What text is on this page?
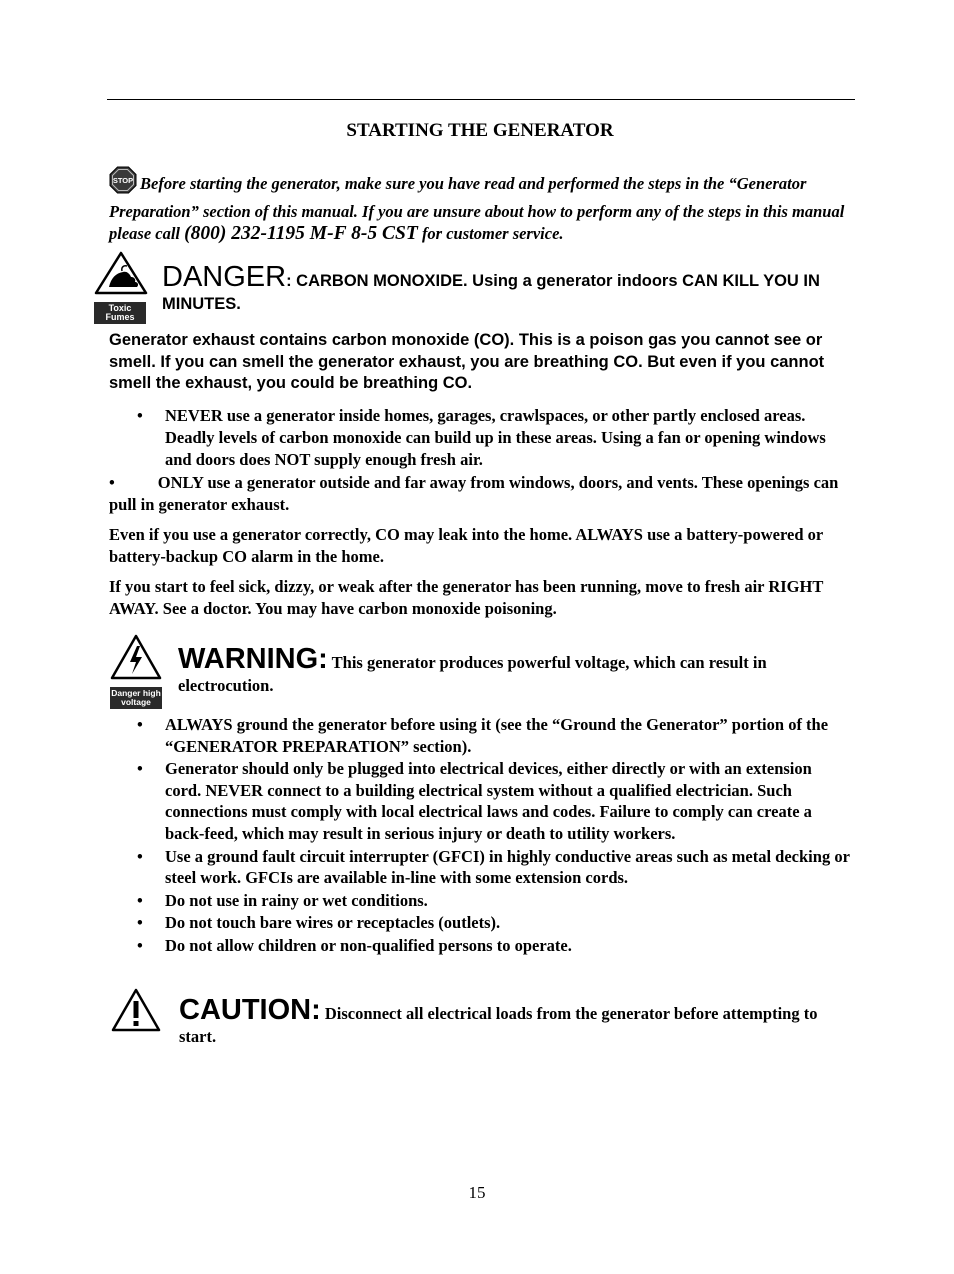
STARTING THE GENERATOR
STOP Before starting the generator, make sure you have read and performed the steps in the “Generator Preparation” section of this manual. If you are unsure about how to perform any of the steps in this manual please call (800) 232-1195 M-F 8-5 CST for customer service.
Toxic Fumes
DANGER: CARBON MONOXIDE. Using a generator indoors CAN KILL YOU IN MINUTES.
Generator exhaust contains carbon monoxide (CO). This is a poison gas you cannot see or smell. If you can smell the generator exhaust, you are breathing CO. But even if you cannot smell the exhaust, you could be breathing CO.
• NEVER use a generator inside homes, garages, crawlspaces, or other partly enclosed areas. Deadly levels of carbon monoxide can build up in these areas. Using a fan or opening windows and doors does NOT supply enough fresh air.
•	ONLY use a generator outside and far away from windows, doors, and vents. These openings can pull in generator exhaust.
Even if you use a generator correctly, CO may leak into the home. ALWAYS use a battery-powered or battery-backup CO alarm in the home.
If you start to feel sick, dizzy, or weak after the generator has been running, move to fresh air RIGHT AWAY. See a doctor. You may have carbon monoxide poisoning.
Danger high voltage
WARNING: This generator produces powerful voltage, which can result in electrocution.
• ALWAYS ground the generator before using it (see the “Ground the Generator” portion of the “GENERATOR PREPARATION” section).
• Generator should only be plugged into electrical devices, either directly or with an extension cord. NEVER connect to a building electrical system without a qualified electrician. Such connections must comply with local electrical laws and codes. Failure to comply can create a back-feed, which may result in serious injury or death to utility workers.
• Use a ground fault circuit interrupter (GFCI) in highly conductive areas such as metal decking or steel work. GFCIs are available in-line with some extension cords.
• Do not use in rainy or wet conditions.
• Do not touch bare wires or receptacles (outlets).
• Do not allow children or non-qualified persons to operate.
CAUTION: Disconnect all electrical loads from the generator before attempting to start.
15
